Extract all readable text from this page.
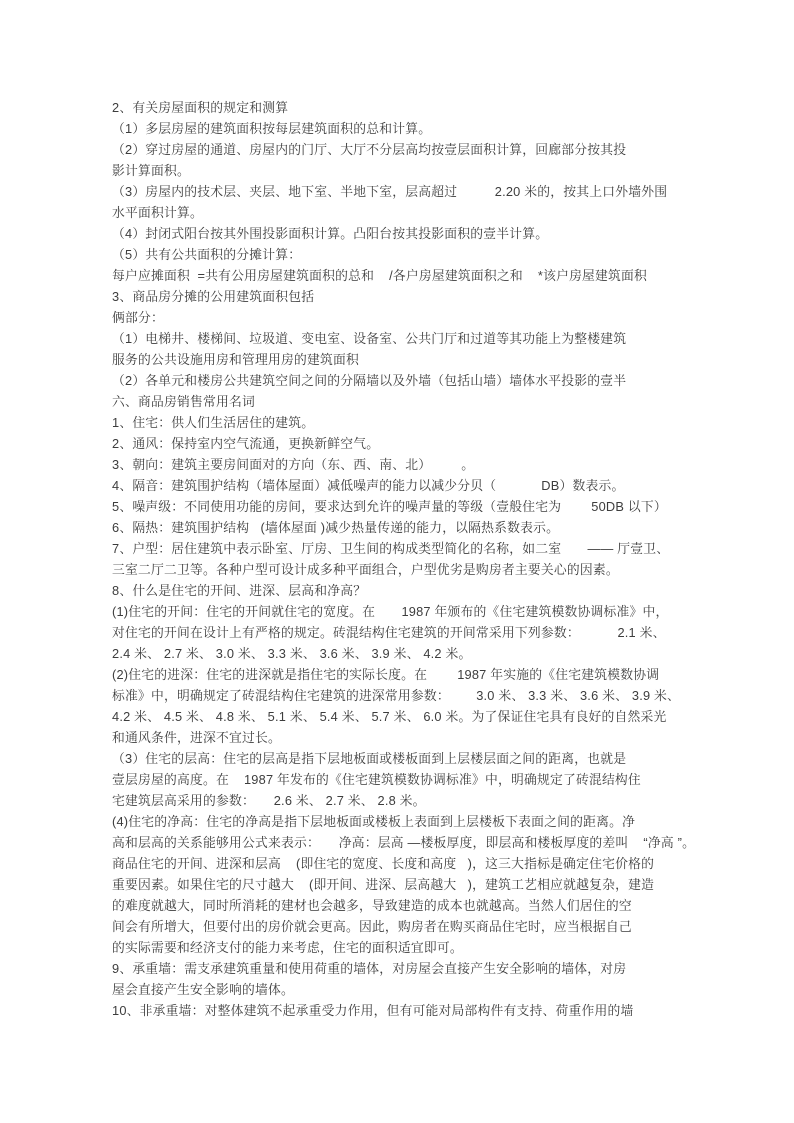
2、有关房屋面积的规定和测算
（1）多层房屋的建筑面积按每层建筑面积的总和计算。
（2）穿过房屋的通道、房屋内的门厅、大厅不分层高均按壹层面积计算，回廊部分按其投
影计算面积。
（3）房屋内的技术层、夹层、地下室、半地下室，层高超过          2.20 米的，按其上口外墙外围
水平面积计算。
（4）封闭式阳台按其外围投影面积计算。凸阳台按其投影面积的壹半计算。
（5）共有公共面积的分摊计算：
每户应摊面积  =共有公用房屋建筑面积的总和    /各户房屋建筑面积之和    *该户房屋建筑面积
3、商品房分摊的公用建筑面积包括
俩部分：
（1）电梯井、楼梯间、垃圾道、变电室、设备室、公共门厅和过道等其功能上为整楼建筑
服务的公共设施用房和管理用房的建筑面积
（2）各单元和楼房公共建筑空间之间的分隔墙以及外墙（包括山墙）墙体水平投影的壹半
六、商品房销售常用名词
1、住宅：供人们生活居住的建筑。
2、通风：保持室内空气流通，更换新鲜空气。
3、朝向：建筑主要房间面对的方向（东、西、南、北）        。
4、隔音：建筑围护结构（墙体屋面）减低噪声的能力以减少分贝（            DB）数表示。
5、噪声级：不同使用功能的房间，要求达到允许的噪声量的等级（壹般住宅为        50DB 以下）
6、隔热：建筑围护结构   (墙体屋面 )减少热量传递的能力，以隔热系数表示。
7、户型：居住建筑中表示卧室、厅房、卫生间的构成类型简化的名称，如二室       —— 厅壹卫、
三室二厅二卫等。各种户型可设计成多种平面组合，户型优劣是购房者主要关心的因素。
8、什么是住宅的开间、进深、层高和净高？
(1)住宅的开间：住宅的开间就住宅的宽度。在       1987 年颁布的《住宅建筑模数协调标准》中，
对住宅的开间在设计上有严格的规定。砖混结构住宅建筑的开间常采用下列参数：          2.1 米、
2.4 米、 2.7 米、 3.0 米、 3.3 米、 3.6 米、 3.9 米、 4.2 米。
(2)住宅的进深：住宅的进深就是指住宅的实际长度。在        1987 年实施的《住宅建筑模数协调
标准》中，明确规定了砖混结构住宅建筑的进深常用参数：       3.0 米、 3.3 米、 3.6 米、 3.9 米、
4.2 米、 4.5 米、 4.8 米、 5.1 米、 5.4 米、 5.7 米、 6.0 米。为了保证住宅具有良好的自然采光
和通风条件，进深不宜过长。
（3）住宅的层高：住宅的层高是指下层地板面或楼板面到上层楼层面之间的距离，也就是
壹层房屋的高度。在    1987 年发布的《住宅建筑模数协调标准》中，明确规定了砖混结构住
宅建筑层高采用的参数：     2.6 米、 2.7 米、 2.8 米。
(4)住宅的净高：住宅的净高是指下层地板面或楼板上表面到上层楼板下表面之间的距离。净
高和层高的关系能够用公式来表示：     净高：层高 —楼板厚度，即层高和楼板厚度的差叫    “净高 ”。
商品住宅的开间、进深和层高    (即住宅的宽度、长度和高度   )，这三大指标是确定住宅价格的
重要因素。如果住宅的尺寸越大    (即开间、进深、层高越大   )，建筑工艺相应就越复杂，建造
的难度就越大，同时所消耗的建材也会越多，导致建造的成本也就越高。当然人们居住的空
间会有所增大，但要付出的房价就会更高。因此，购房者在购买商品住宅时，应当根据自己
的实际需要和经济支付的能力来考虑，住宅的面积适宜即可。
9、承重墙：需支承建筑重量和使用荷重的墙体，对房屋会直接产生安全影响的墙体，对房
屋会直接产生安全影响的墙体。
10、非承重墙：对整体建筑不起承重受力作用，但有可能对局部构件有支持、荷重作用的墙
